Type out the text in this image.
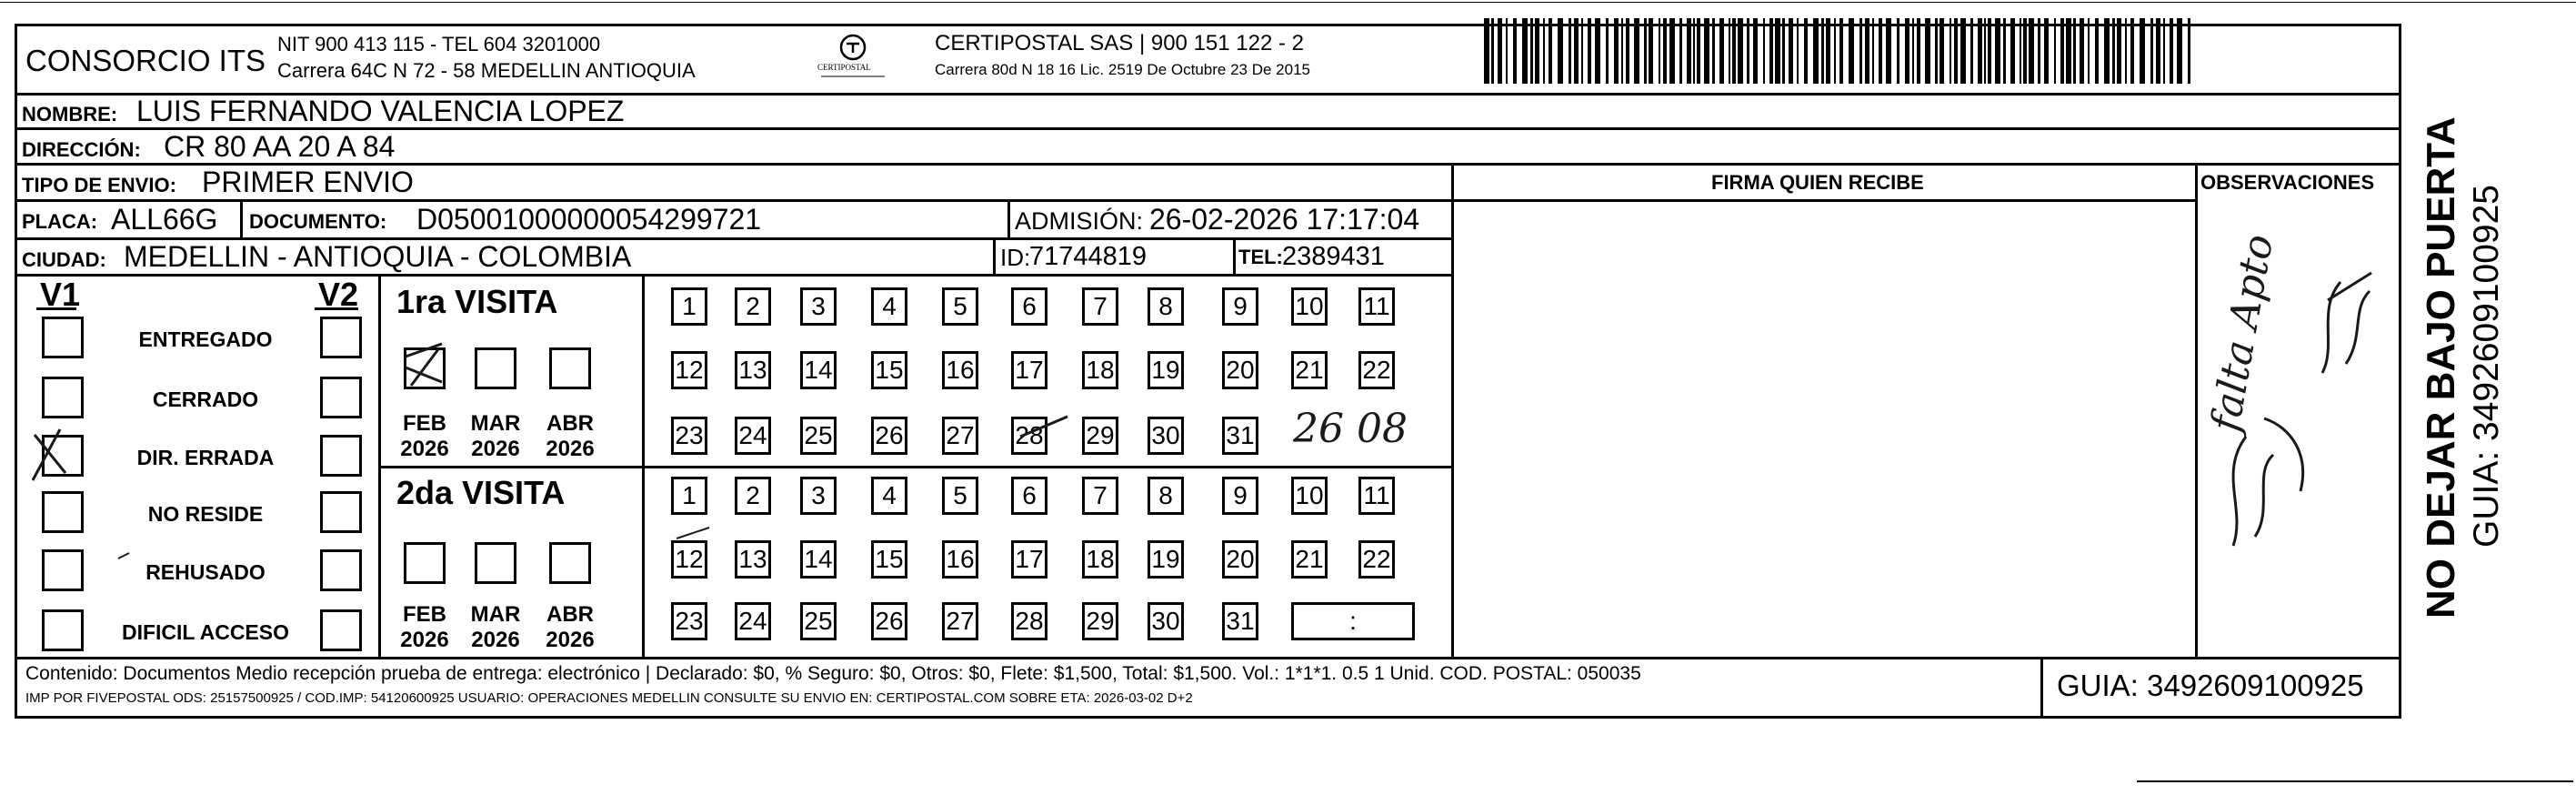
CONSORCIO ITS NIT 900 413 115 - TEL 604 3201000
Carrera 64C N 72 - 58 MEDELLIN ANTIOQUIA	CERTIPOSTAL
CERTIPOSTAL SAS | 900 151 122 - 2
Carrera 80d N 18 16 Lic. 2519 De Octubre 23 De 2015
NOMBRE: LUIS FERNANDO VALENCIA LOPEZ
DIRECCIÓN: CR 80 AA 20 A 84
TIPO DE ENVIO: PRIMER ENVIO	FIRMA QUIEN RECIBE	OBSERVACIONES
PLACA: ALL66G DOCUMENTO: D05001000000054299721	ADMISIÓN: 26-02-2026 17:17:04
CIUDAD: MEDELLIN - ANTIOQUIA - COLOMBIA	ID:
71744819	TEL: 2389431
V1	V2
ENTREGADO
CERRADO
DIR. ERRADA
NO RESIDE
REHUSADO
DIFICIL ACCESO
1ra VISITA
2da VISITA
FEB
2026
MAR
2026
ABR
2026
FEB
2026
MAR
2026
ABR
2026
1	2	3	4	5	6	7	8	9	10 11
12 13 14 15 16 17 18 19 20 21 22
23 24 25 26 27 28 29 30 31
1	2	3	4	5	6	7	8	9	10 11
12 13 14 15 16 17 18 19 20 21 22
23 24 25 26 27 28 29 30 31	:
26 08	falta Apto
Contenido: Documentos Medio recepción prueba de entrega: electrónico | Declarado: $0, % Seguro: $0, Otros: $0, Flete: $1,500, Total: $1,500. Vol.: 1*1*1. 0.5 1 Unid. COD. POSTAL: 050035
IMP POR FIVEPOSTAL ODS: 25157500925 / COD.IMP: 54120600925 USUARIO: OPERACIONES MEDELLIN CONSULTE SU ENVIO EN: CERTIPOSTAL.COM SOBRE ETA: 2026-03-02 D+2	GUIA: 3492609100925
NO DEJAR BAJO PUERTA GUIA: 3492609100925
